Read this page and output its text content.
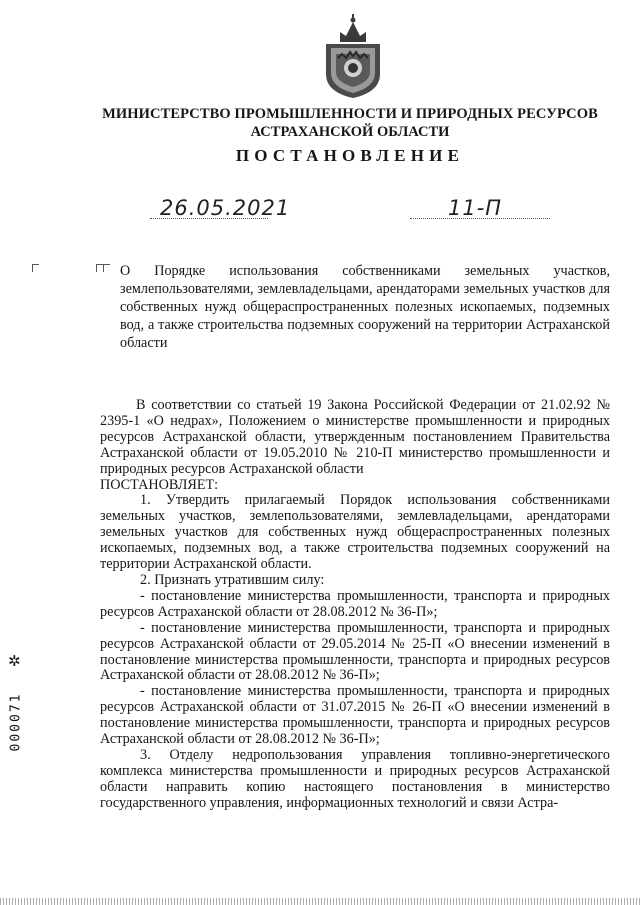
МИНИСТЕРСТВО ПРОМЫШЛЕННОСТИ И ПРИРОДНЫХ РЕСУРСОВ
АСТРАХАНСКОЙ ОБЛАСТИ
ПОСТАНОВЛЕНИЕ
26.05.2021	11-П
О Порядке использования собственниками земельных участков, землепользователями, землевладельцами, арендаторами земельных участков для собственных нужд общераспространенных полезных ископаемых, подземных вод, а также строительства подземных сооружений на территории Астраханской области

В соответствии со статьей 19 Закона Российской Федерации от 21.02.92 № 2395-1 «О недрах», Положением о министерстве промышленности и природных ресурсов Астраханской области, утвержденным постановлением Правительства Астраханской области от 19.05.2010 № 210-П министерство промышленности и природных ресурсов Астраханской области

ПОСТАНОВЛЯЕТ:

1. Утвердить прилагаемый Порядок использования собственниками земельных участков, землепользователями, землевладельцами, арендаторами земельных участков для собственных нужд общераспространенных полезных ископаемых, подземных вод, а также строительства подземных сооружений на территории Астраханской области.

2. Признать утратившим силу:

- постановление министерства промышленности, транспорта и природных ресурсов Астраханской области от 28.08.2012 № 36-П»;

- постановление министерства промышленности, транспорта и природных ресурсов Астраханской области от 29.05.2014 № 25-П «О внесении изменений в постановление министерства промышленности, транспорта и природных ресурсов Астраханской области от 28.08.2012 № 36-П»;

- постановление министерства промышленности, транспорта и природных ресурсов Астраханской области от 31.07.2015 № 26-П «О внесении изменений в постановление министерства промышленности, транспорта и природных ресурсов Астраханской области от 28.08.2012 № 36-П»;

3. Отделу недропользования управления топливно-энергетического комплекса министерства промышленности и природных ресурсов Астраханской области направить копию настоящего постановления в министерство государственного управления, информационных технологий и связи Астра-

✲
000071
